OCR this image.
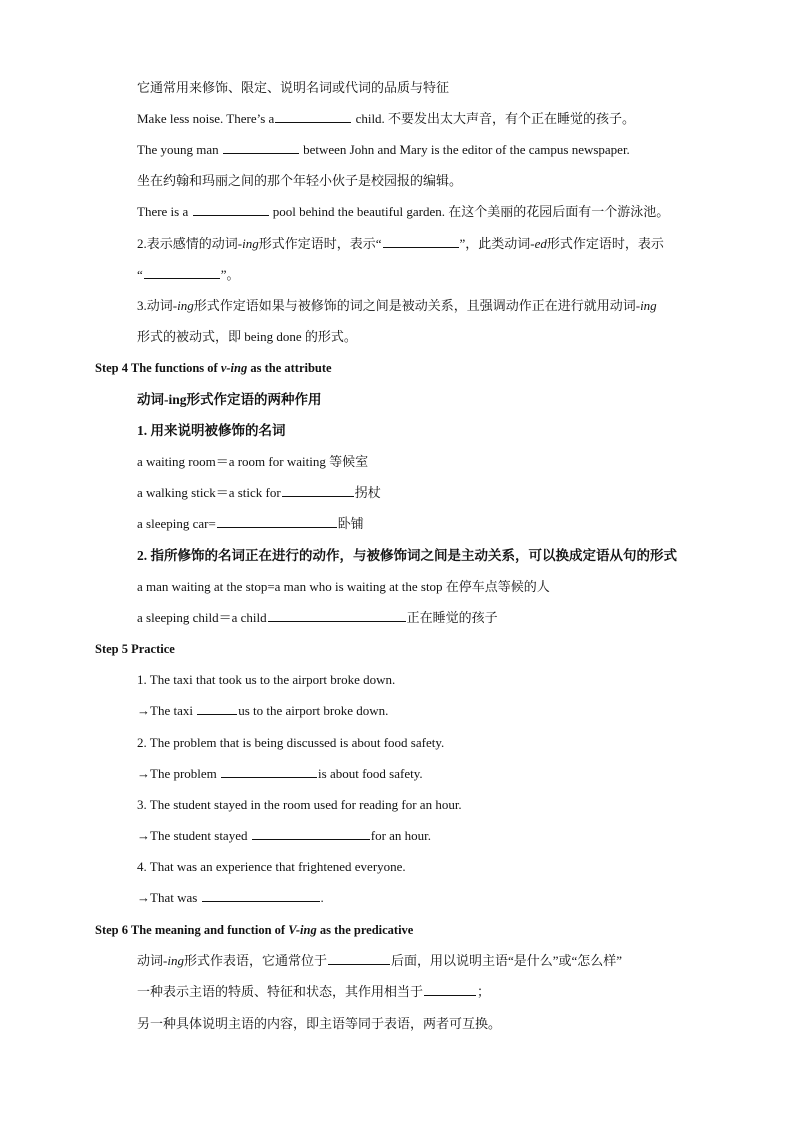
它通常用来修饰、限定、说明名词或代词的品质与特征
Make less noise. There’s a	child. 不要发出太大声音，有个正在睡觉的孩子。
The young man	between John and Mary is the editor of the campus newspaper.
坐在约翰和玛丽之间的那个年轻小伙子是校园报的编辑。
There is a	pool behind the beautiful garden. 在这个美丽的花园后面有一个游泳池。
2.表示感情的动词-ing形式作定语时，表示“	”，此类动词-ed形式作定语时，表示
“	”。
3.动词-ing形式作定语如果与被修饰的词之间是被动关系，且强调动作正在进行就用动词-ing
形式的被动式，即 being done 的形式。
Step 4 The functions of v-ing as the attribute
动词-ing形式作定语的两种作用
1. 用来说明被修饰的名词
a waiting room＝a room for waiting 等候室
a walking stick＝a stick for	拐杖
a sleeping car=	卧铺
2. 指所修饰的名词正在进行的动作，与被修饰词之间是主动关系，可以换成定语从句的形式
a man waiting at the stop=a man who is waiting at the stop 在停车点等候的人
a sleeping child＝a child	正在睡觉的孩子
Step 5 Practice
1. The taxi that took us to the airport broke down.
→The taxi	us to the airport broke down.
2. The problem that is being discussed is about food safety.
→The problem	is about food safety.
3. The student stayed in the room used for reading for an hour.
→The student stayed	for an hour.
4. That was an experience that frightened everyone.
→That was	.
Step 6 The meaning and function of V-ing as the predicative
动词-ing形式作表语，它通常位于	后面，用以说明主语“是什么”或“怎么样”
一种表示主语的特质、特征和状态，其作用相当于	；
另一种具体说明主语的内容，即主语等同于表语，两者可互换。
